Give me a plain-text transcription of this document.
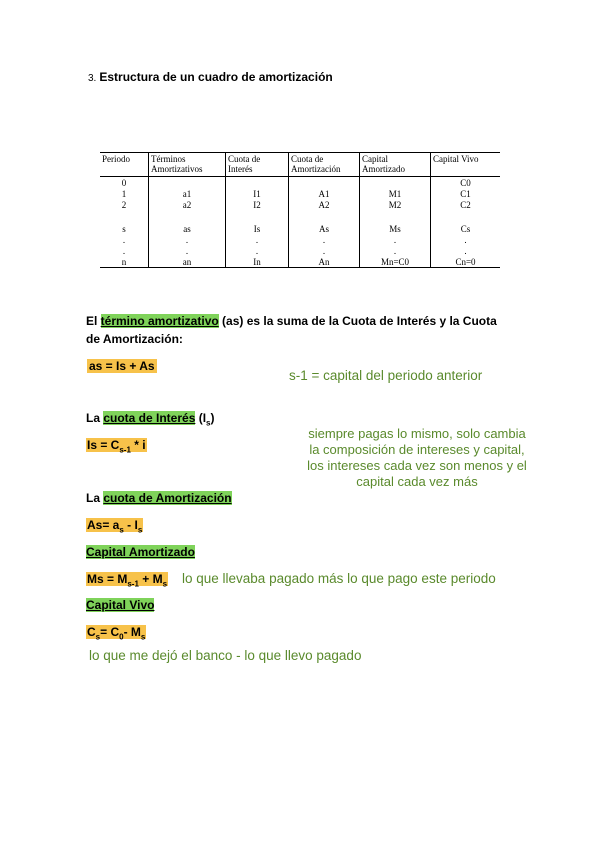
3. Estructura de un cuadro de amortización
Periodo	Términos Amortizativos	Cuota de Interés	Cuota de Amortización	Capital Amortizado	Capital Vivo
0					C0
1	a1	I1	A1	M1	C1
2	a2	I2	A2	M2	C2

s	as	Is	As	Ms	Cs
.	.	.	.	.	.
.	.	.	.	.	.
n	an	In	An	Mn=C0	Cn=0
El término amortizativo (as) es la suma de la Cuota de Interés y la Cuota
de Amortización:
as = Is + As
s-1 = capital del periodo anterior
La cuota de Interés $(I_s)$
$Is = C_{s-1} * i$
siempre pagas lo mismo, solo cambia la composición de intereses y capital, los intereses cada vez son menos y el capital cada vez más
La cuota de Amortización
$As= a_s - I_s$
Capital Amortizado
$Ms = M_{s-1} + M_s$ lo que llevaba pagado más lo que pago este periodo
Capital Vivo
$C_s= C_0-$ $M_s$
lo que me dejó el banco - lo que llevo pagado
